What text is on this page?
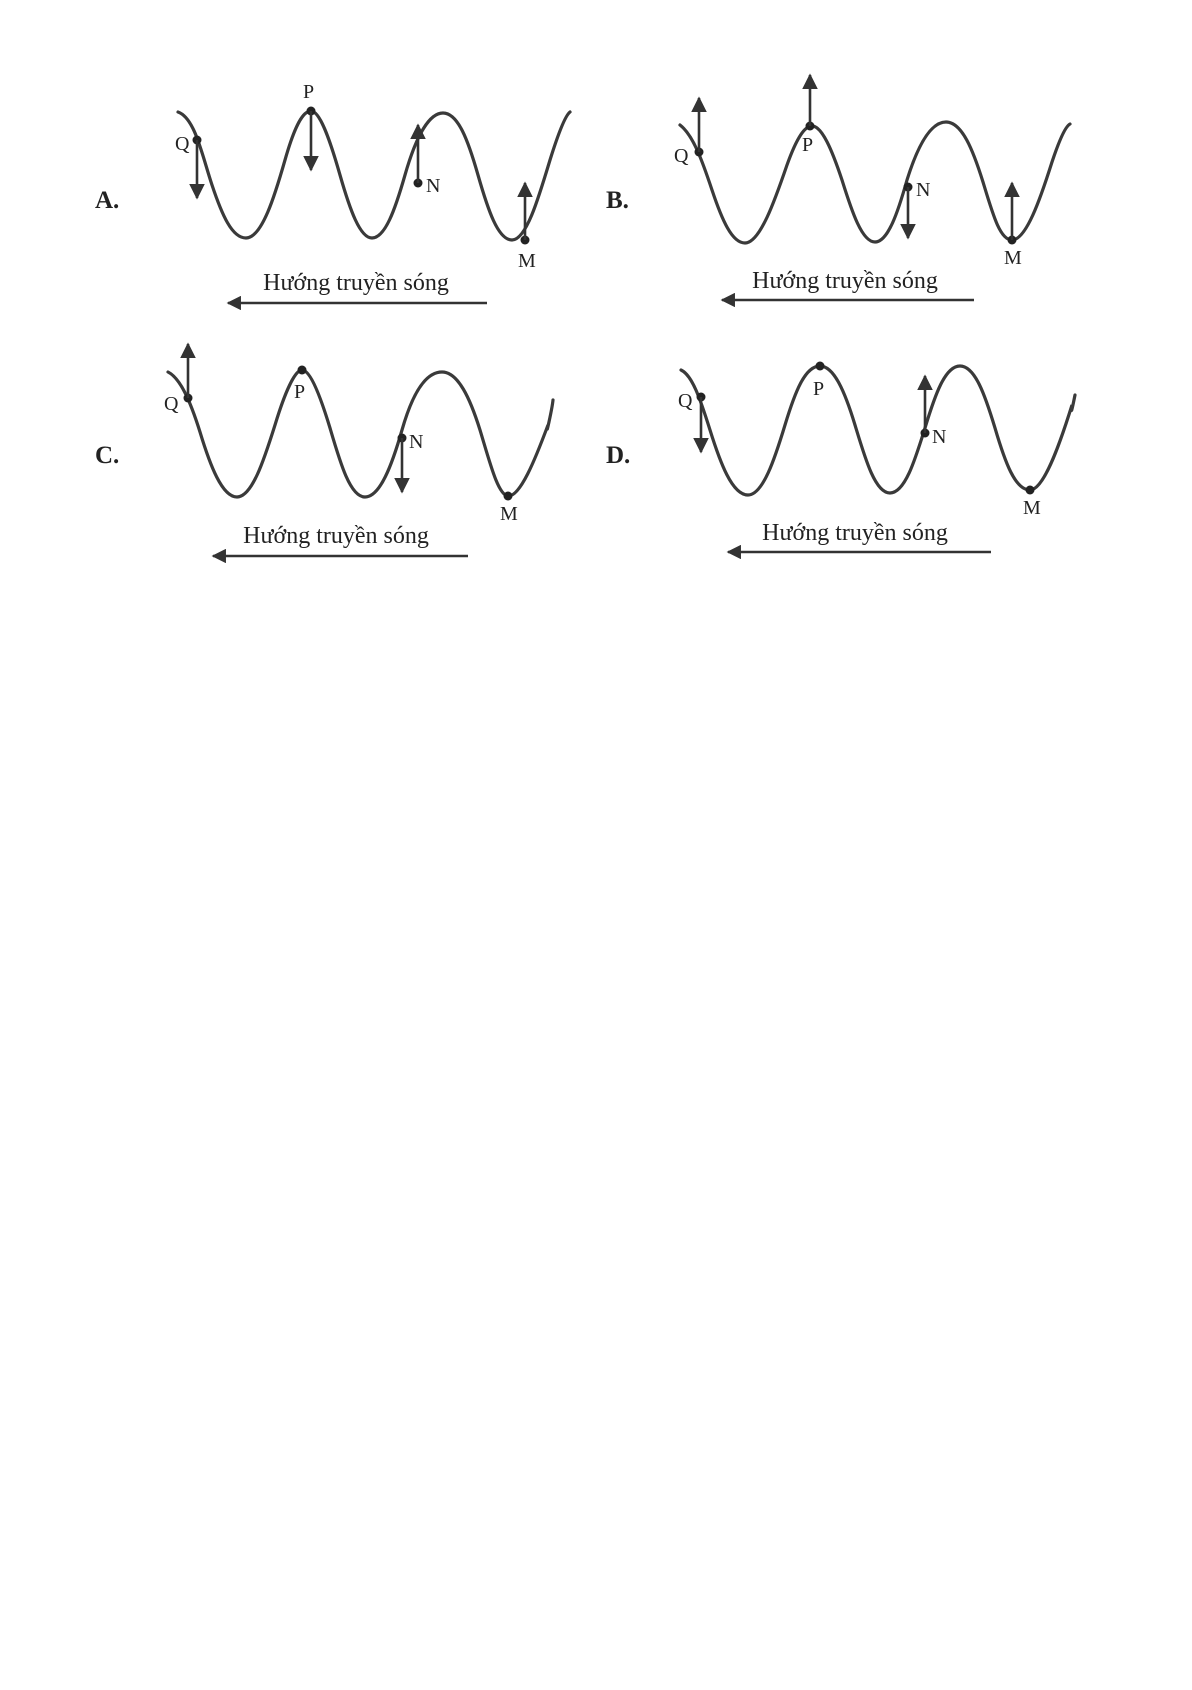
A.
Q
P
N
M
Hướng truyền sóng
B.
Q	P
N
M
Hướng truyền sóng
C.
Q
P
N
M
Hướng truyền sóng
D.
Q
P
N
M
Hướng truyền sóng
